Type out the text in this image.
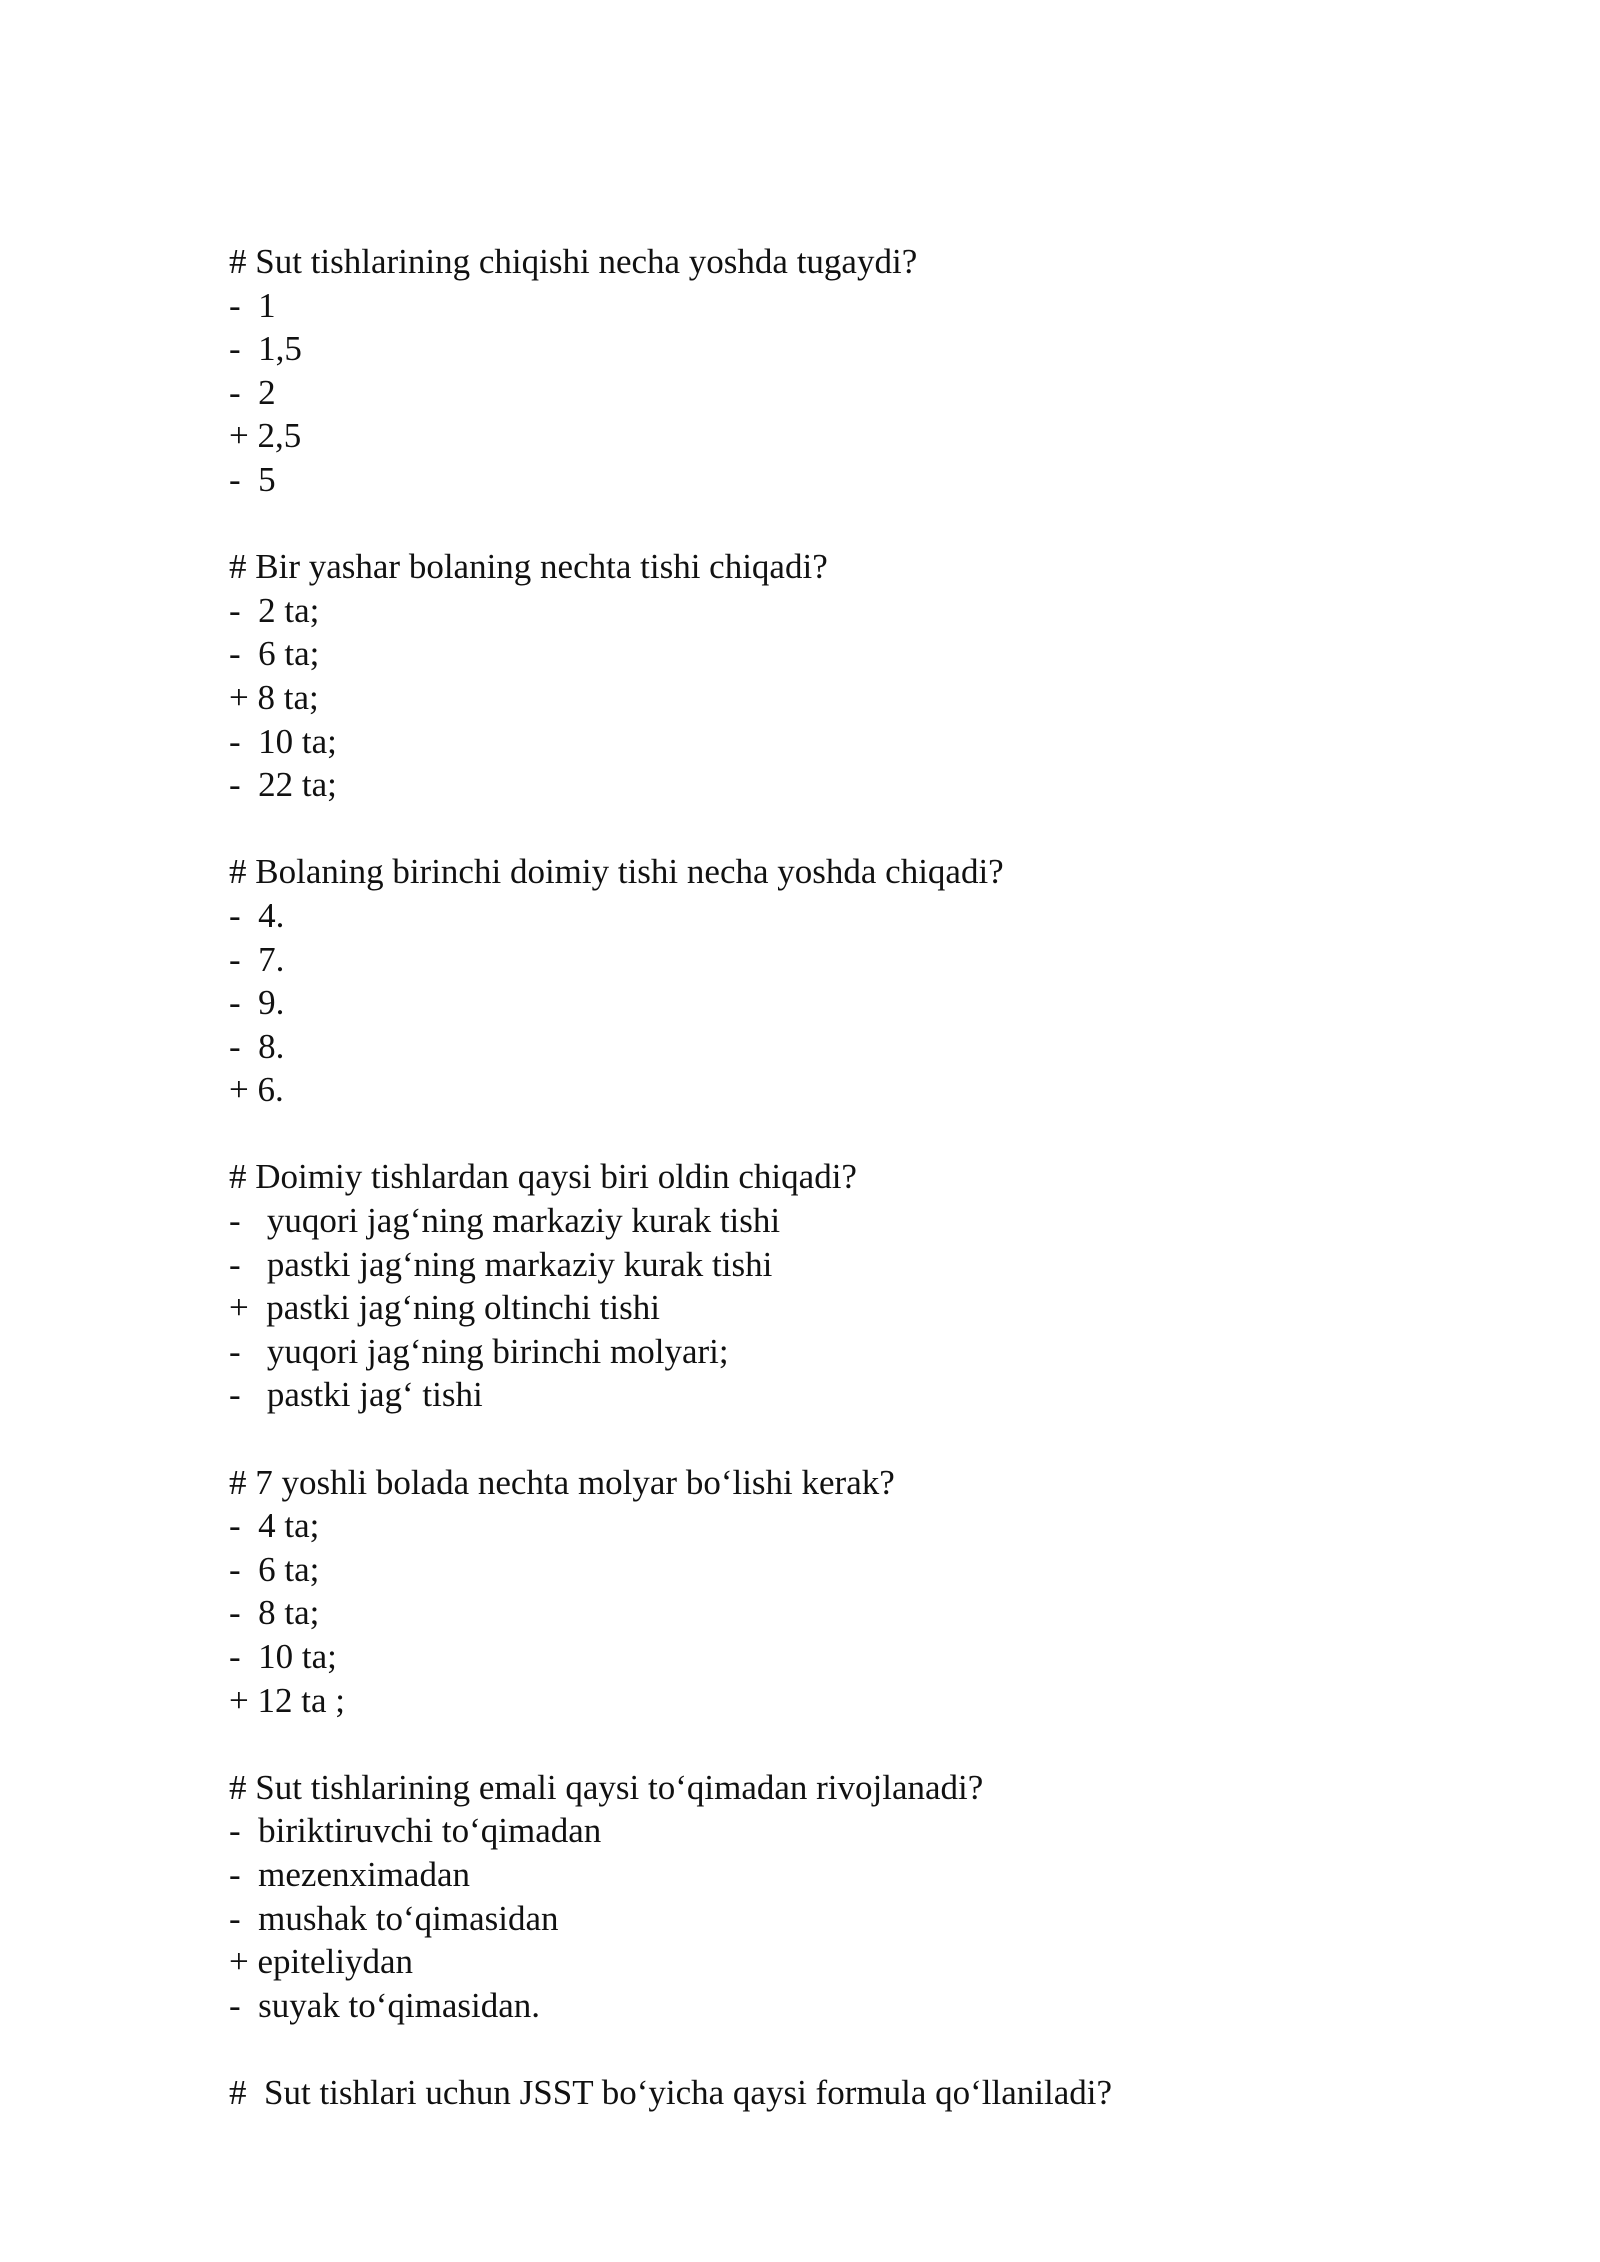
# Sut tishlarining chiqishi necha yoshda tugaydi?
-  1
-  1,5
-  2
+ 2,5
-  5
# Bir yashar bolaning nechta tishi chiqadi?
-  2 ta;
-  6 ta;
+ 8 ta;
-  10 ta;
-  22 ta;
# Bolaning birinchi doimiy tishi necha yoshda chiqadi?
-  4.
-  7.
-  9.
-  8.
+ 6.
# Doimiy tishlardan qaysi biri oldin chiqadi?
-   yuqori jag‘ning markaziy kurak tishi
-   pastki jag‘ning markaziy kurak tishi
+  pastki jag‘ning oltinchi tishi
-   yuqori jag‘ning birinchi molyari;
-   pastki jag‘ tishi
# 7 yoshli bolada nechta molyar bo‘lishi kerak?
-  4 ta;
-  6 ta;
-  8 ta;
-  10 ta;
+ 12 ta ;
# Sut tishlarining emali qaysi to‘qimadan rivojlanadi?
-  biriktiruvchi to‘qimadan
-  mezenximadan
-  mushak to‘qimasidan
+ epiteliydan
-  suyak to‘qimasidan.
#  Sut tishlari uchun JSST bo‘yicha qaysi formula qo‘llaniladi?
